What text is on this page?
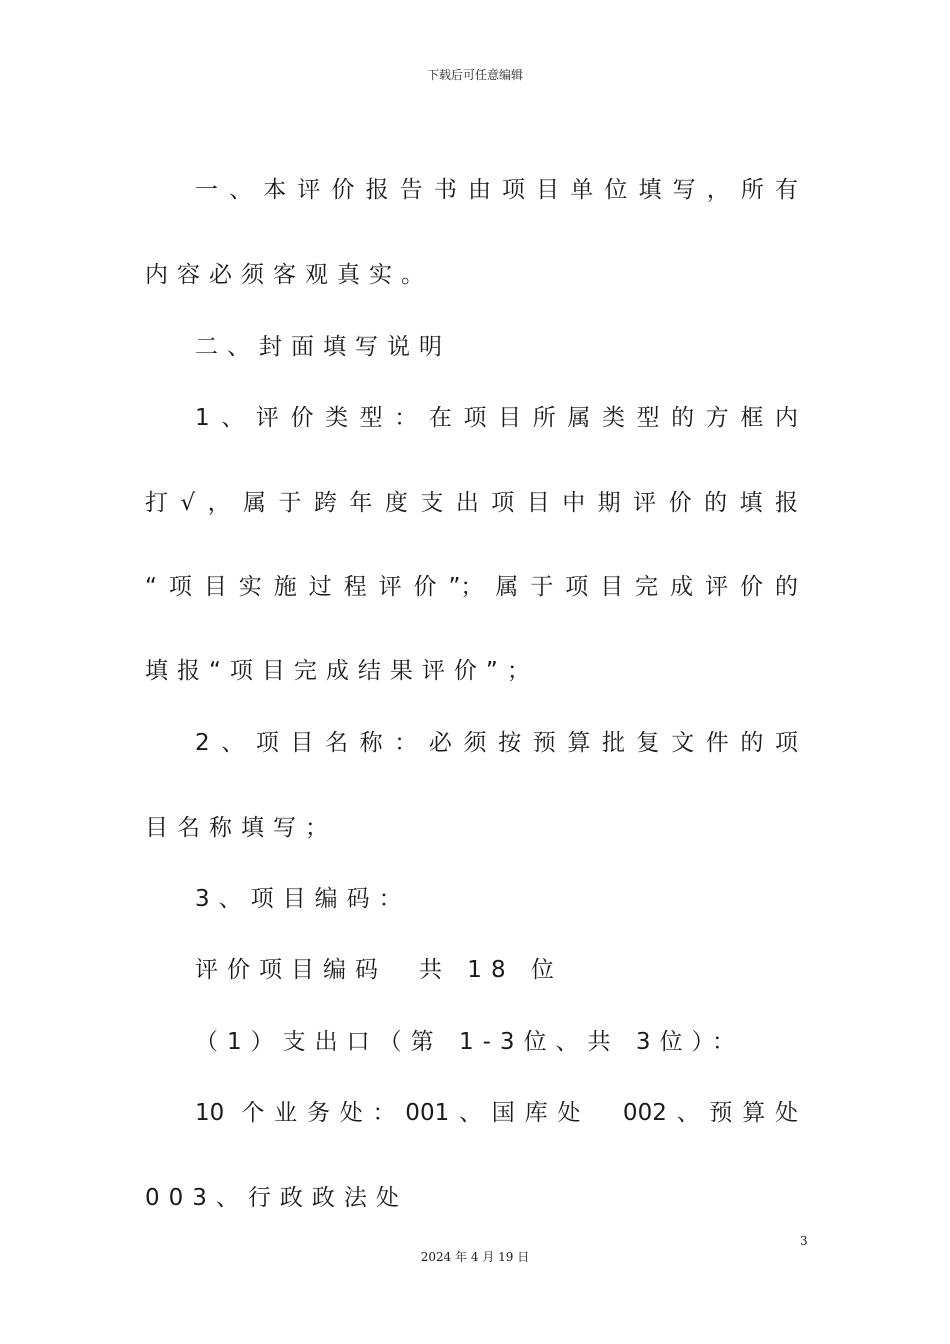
下载后可任意编辑
一、本评价报告书由项目单位填写，所有
内容必须客观真实。
二、封面填写说明
1、评价类型：在项目所属类型的方框内
打√，属于跨年度支出项目中期评价的填报
“项目实施过程评价”；属于项目完成评价的
填报“项目完成结果评价”；
2、项目名称：必须按预算批复文件的项
目名称填写；
3、项目编码：
评价项目编码　共 18 位
（1）支出口（第 1-3位、共 3位）：
10 个业务处：001、国库处　002、预算处
003、行政政法处
3
2024 年 4 月 19 日
